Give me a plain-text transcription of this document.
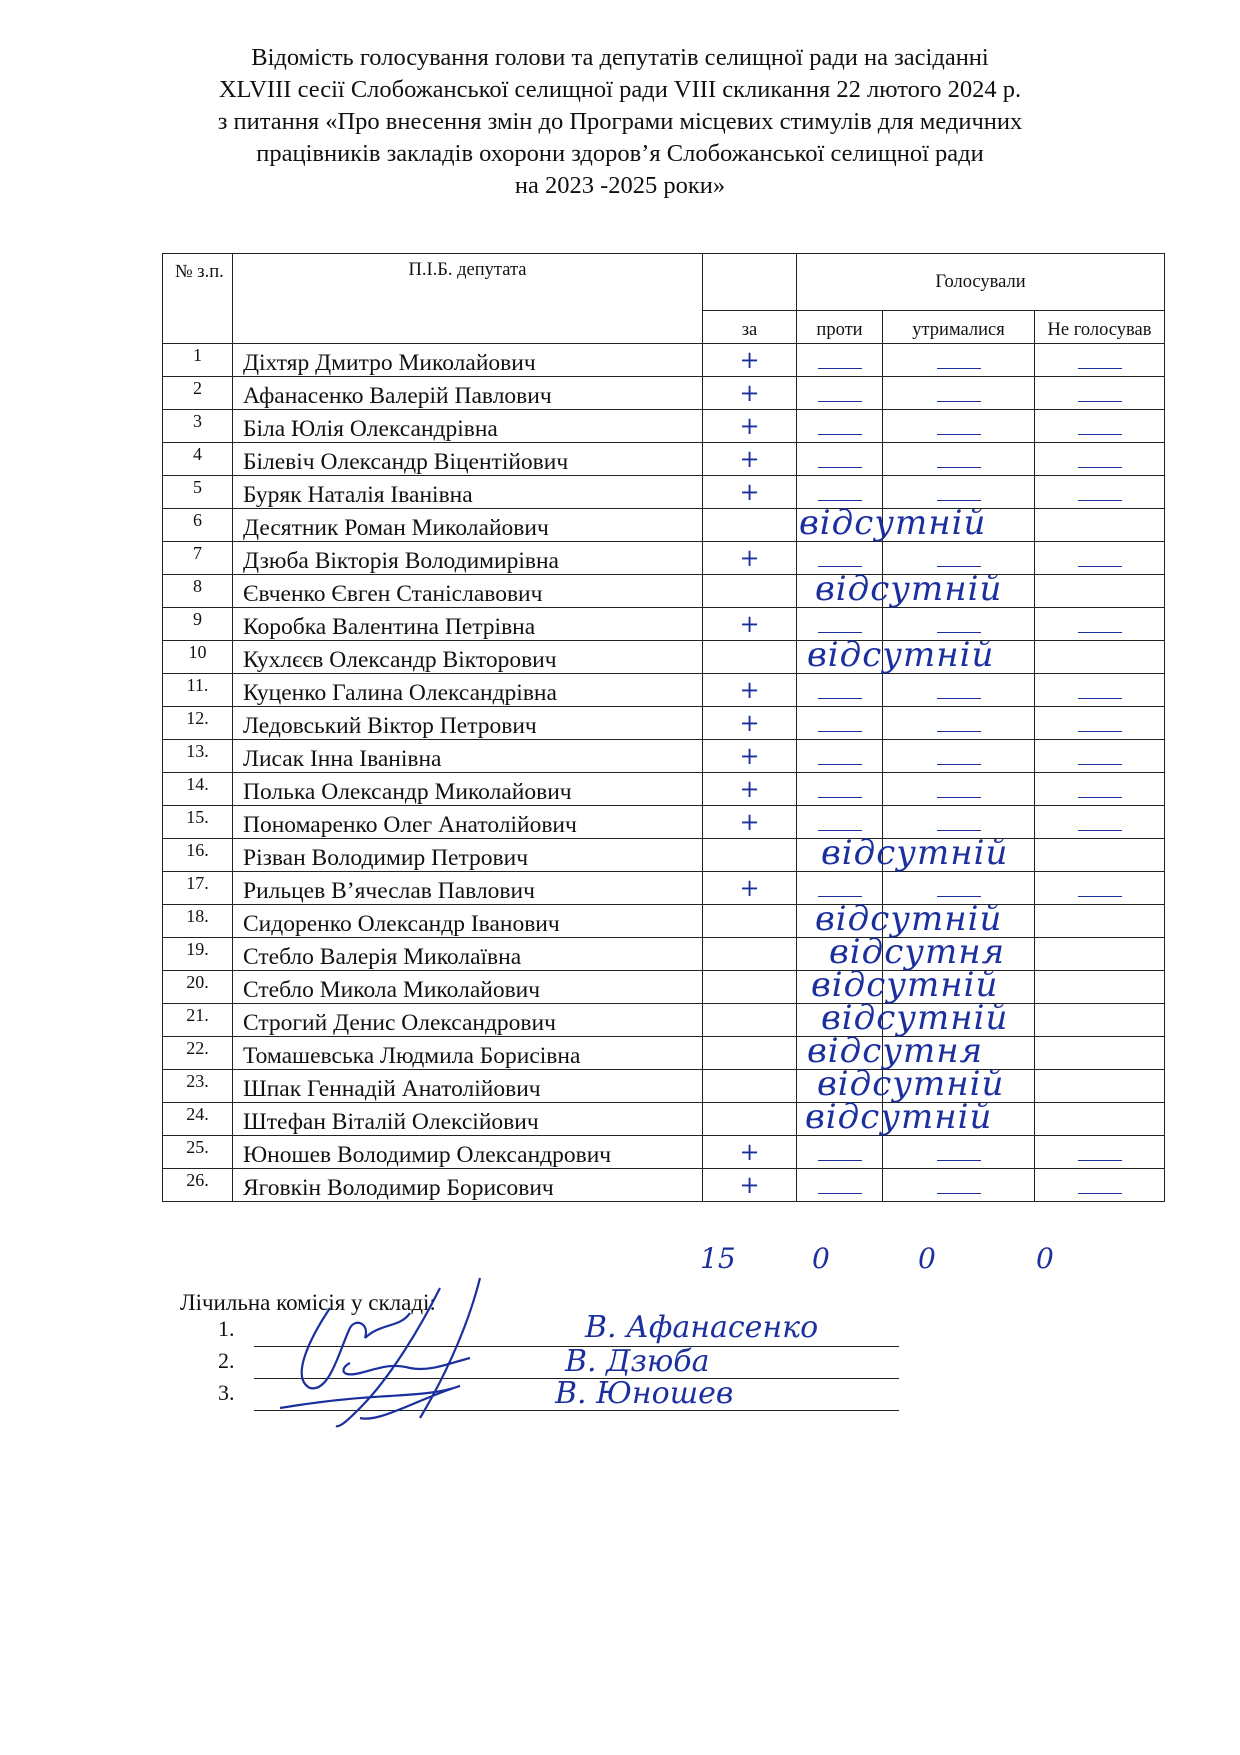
Відомість голосування голови та депутатів селищної ради на засіданні
XLVIII сесії Слобожанської селищної ради VIII скликання 22 лютого 2024 р.
з питання «Про внесення змін до Програми місцевих стимулів для медичних
працівників закладів охорони здоров’я Слобожанської селищної ради
на 2023 -2025 роки»
№ з.п.	П.І.Б. депутата		Голосували		
		за	проти	утрималися	Не голосував
1	Діхтяр Дмитро Миколайович	+			

2	Афанасенко Валерій Павлович	+			

3	Біла Юлія Олександрівна	+			

4	Білевіч Олександр Віцентійович	+			

5	Буряк Наталія Іванівна	+			

6	Десятник Роман Миколайович		відсутній		

7	Дзюба Вікторія Володимирівна	+			

8	Євченко Євген Станіславович		відсутній		

9	Коробка Валентина Петрівна	+			

10	Кухлєєв Олександр Вікторович		відсутній		

11.	Куценко Галина Олександрівна	+			

12.	Ледовський Віктор Петрович	+			

13.	Лисак Інна Іванівна	+			

14.	Полька Олександр Миколайович	+			

15.	Пономаренко Олег Анатолійович	+			

16.	Різван Володимир Петрович		відсутній		

17.	Рильцев В’ячеслав Павлович	+			

18.	Сидоренко Олександр Іванович		відсутній		

19.	Стебло Валерія Миколаївна		відсутня		

20.	Стебло Микола Миколайович		відсутній		

21.	Строгий Денис Олександрович		відсутній		

22.	Томашевська Людмила Борисівна		відсутня		

23.	Шпак Геннадій Анатолійович		відсутній		

24.	Штефан Віталій Олексійович		відсутній		

25.	Юношев Володимир Олександрович	+			

26.	Яговкін Володимир Борисович	+			

15	0	0	0
Лічильна комісія у складі:
1.	В. Афанасенко
2.	В. Дзюба
3.	В. Юношев
